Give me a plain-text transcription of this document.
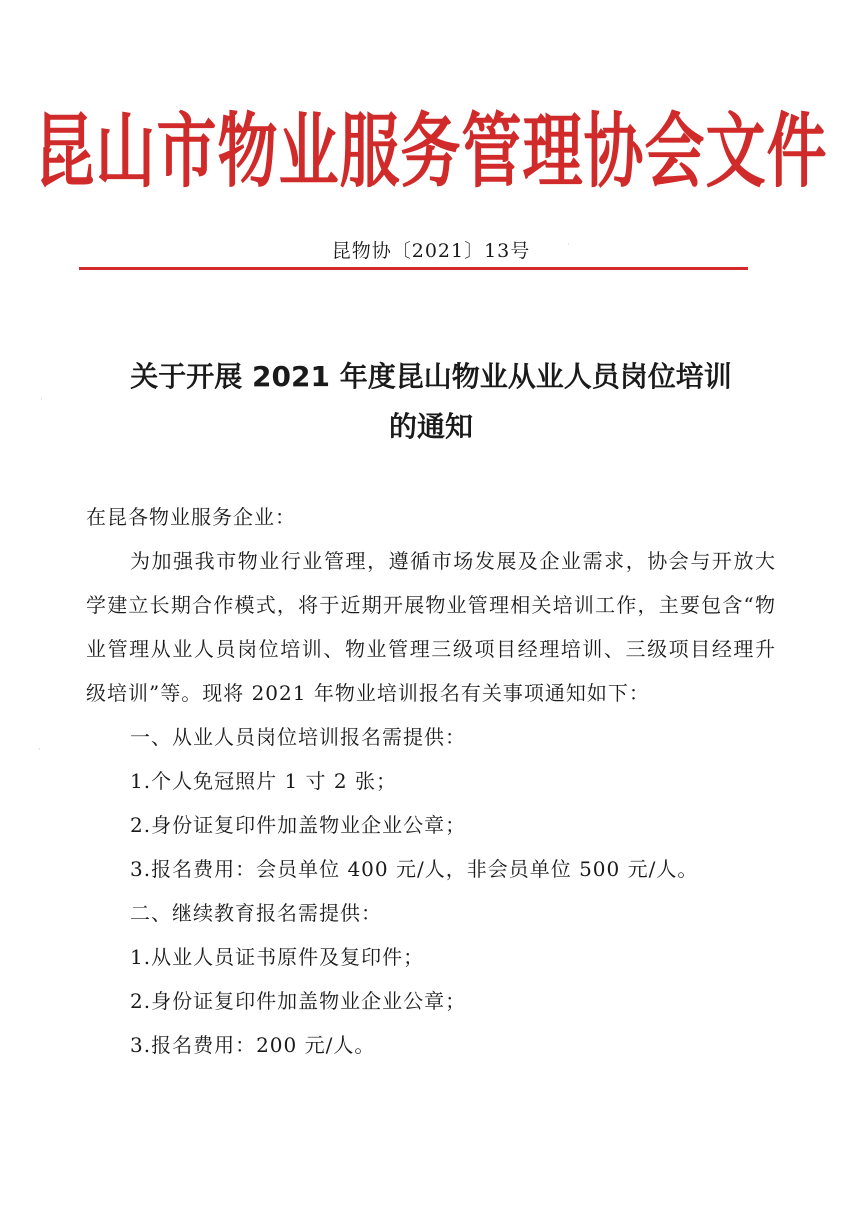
昆山市物业服务管理协会文件
昆物协〔2021〕13号
关于开展 2021 年度昆山物业从业人员岗位培训
的通知

在昆各物业服务企业：

为加强我市物业行业管理，遵循市场发展及企业需求，协会与开放大学建立长期合作模式，将于近期开展物业管理相关培训工作，主要包含“物业管理从业人员岗位培训、物业管理三级项目经理培训、三级项目经理升级培训”等。现将 2021 年物业培训报名有关事项通知如下：

一、从业人员岗位培训报名需提供：

1.个人免冠照片 1 寸 2 张；

2.身份证复印件加盖物业企业公章；

3.报名费用：会员单位 400 元/人，非会员单位 500 元/人。

二、继续教育报名需提供：

1.从业人员证书原件及复印件；

2.身份证复印件加盖物业企业公章；

3.报名费用：200 元/人。

·
·
·
